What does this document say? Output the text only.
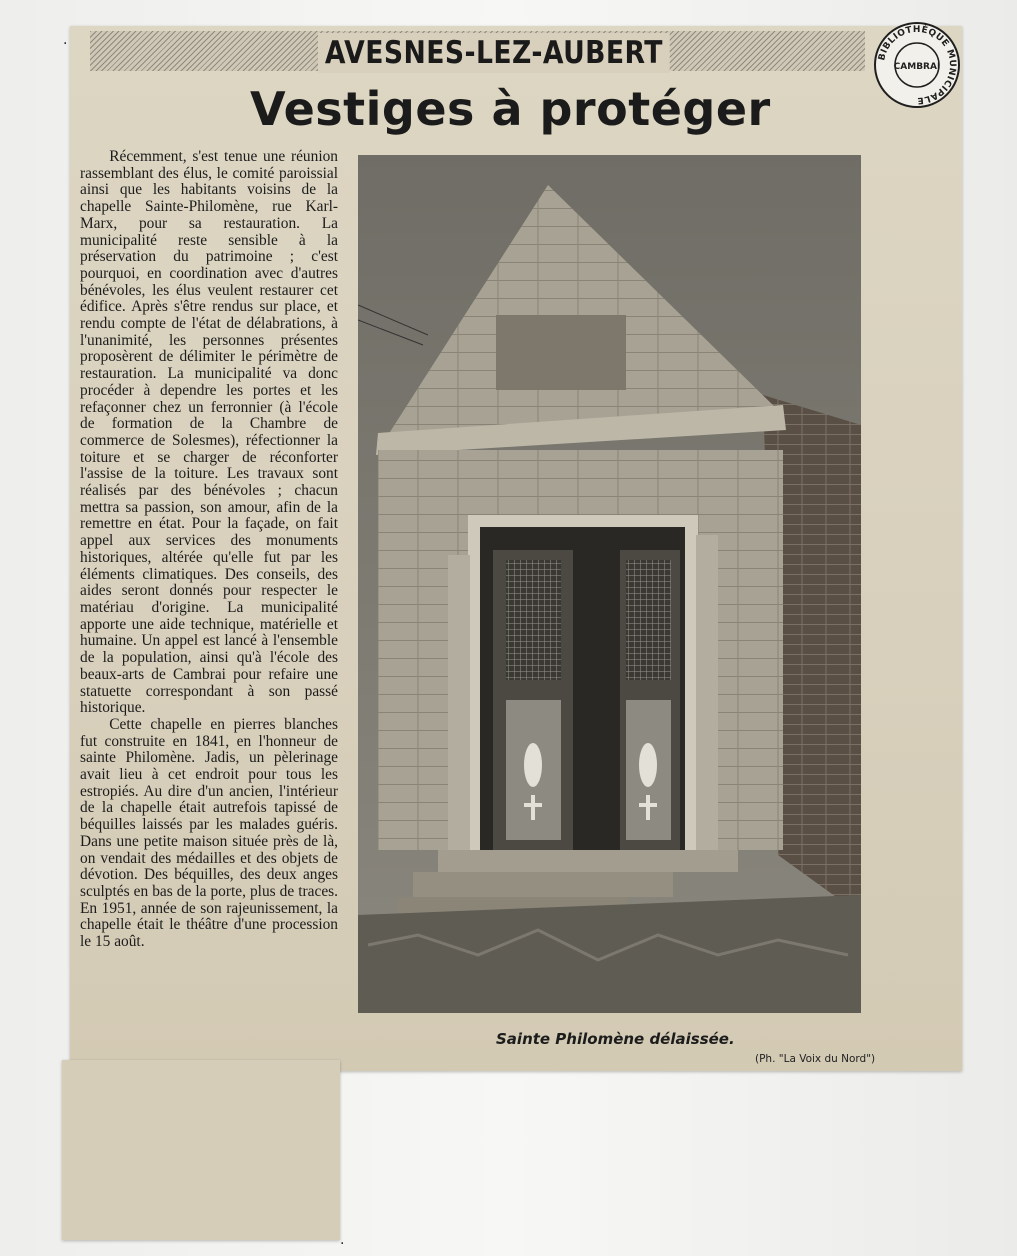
·
·
AVESNES-LEZ-AUBERT
Vestiges à protéger

Récemment, s'est tenue une réunion rassemblant des élus, le comité paroissial ainsi que les habitants voisins de la chapelle Sainte-Philomène, rue Karl-Marx, pour sa restauration. La municipalité reste sensible à la préservation du patrimoine ; c'est pourquoi, en coordination avec d'autres bénévoles, les élus veulent restaurer cet édifice. Après s'être rendus sur place, et rendu compte de l'état de délabrations, à l'unanimité, les personnes présentes proposèrent de délimiter le périmètre de restauration. La municipalité va donc procéder à dependre les portes et les refaçonner chez un ferronnier (à l'école de formation de la Chambre de commerce de Solesmes), réfectionner la toiture et se charger de réconforter l'assise de la toiture. Les travaux sont réalisés par des bénévoles ; chacun mettra sa passion, son amour, afin de la remettre en état. Pour la façade, on fait appel aux services des monuments historiques, altérée qu'elle fut par les éléments climatiques. Des conseils, des aides seront donnés pour respecter le matériau d'origine. La municipalité apporte une aide technique, matérielle et humaine. Un appel est lancé à l'ensemble de la population, ainsi qu'à l'école des beaux-arts de Cambrai pour refaire une statuette correspondant à son passé historique.

Cette chapelle en pierres blanches fut construite en 1841, en l'honneur de sainte Philomène. Jadis, un pèlerinage avait lieu à cet endroit pour tous les estropiés. Au dire d'un ancien, l'intérieur de la chapelle était autrefois tapissé de béquilles laissés par les malades guéris. Dans une petite maison située près de là, on vendait des médailles et des objets de dévotion. Des béquilles, des deux anges sculptés en bas de la porte, plus de traces. En 1951, année de son rajeunissement, la chapelle était le théâtre d'une procession le 15 août.

Sainte Philomène délaissée.
(Ph. "La Voix du Nord")
BIBLIOTHÈQUE MUNICIPALE
CAMBRAI
